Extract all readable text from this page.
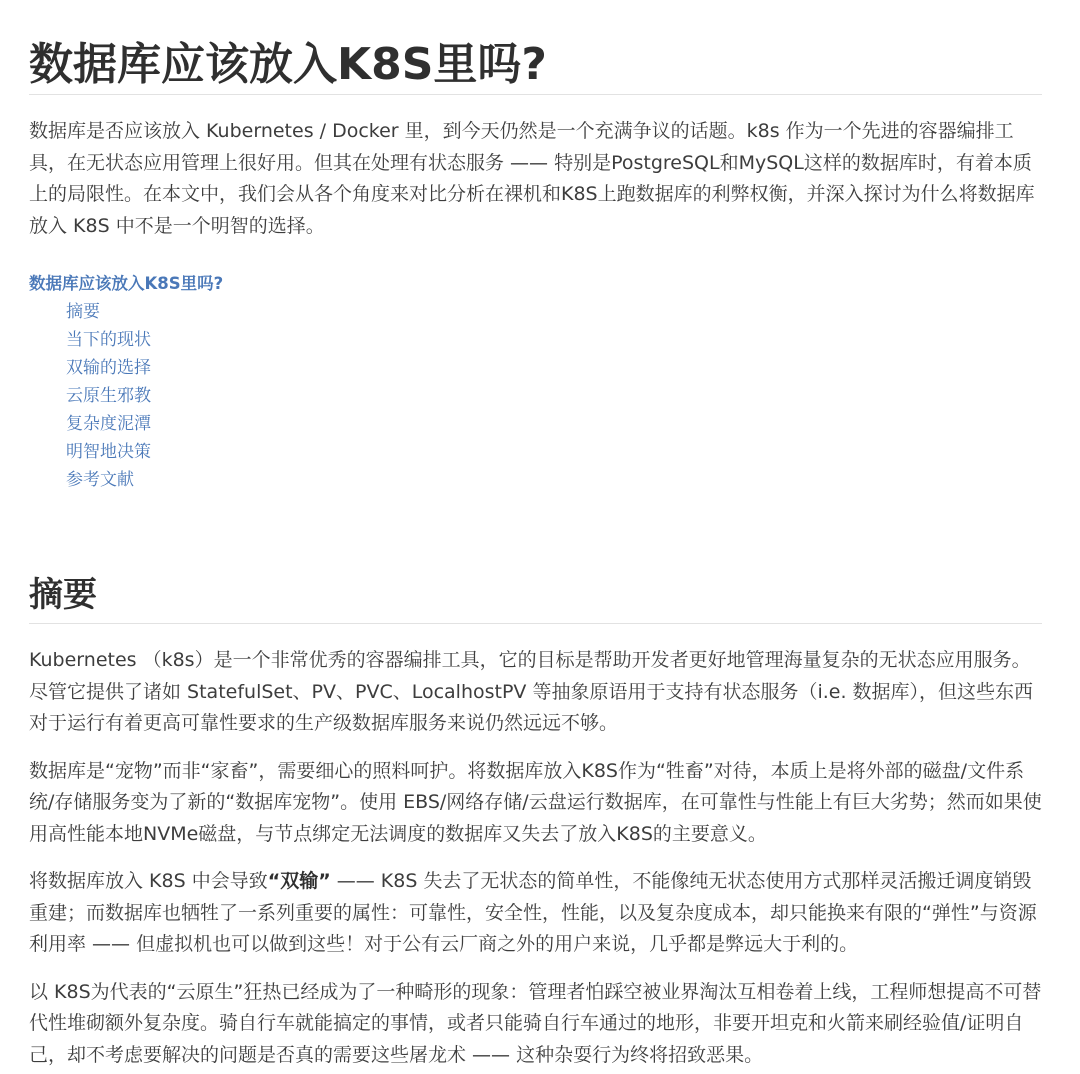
数据库应该放入K8S里吗?

数据库是否应该放入 Kubernetes / Docker 里，到今天仍然是一个充满争议的话题。k8s 作为一个先进的容器编排工具，在无状态应用管理上很好用。但其在处理有状态服务 —— 特别是PostgreSQL和MySQL这样的数据库时，有着本质上的局限性。在本文中，我们会从各个角度来对比分析在裸机和K8S上跑数据库的利弊权衡，并深入探讨为什么将数据库放入 K8S 中不是一个明智的选择。

数据库应该放入K8S里吗?
摘要
当下的现状
双输的选择
云原生邪教
复杂度泥潭
明智地决策
参考文献
摘要

Kubernetes （k8s）是一个非常优秀的容器编排工具，它的目标是帮助开发者更好地管理海量复杂的无状态应用服务。尽管它提供了诸如 StatefulSet、PV、PVC、LocalhostPV 等抽象原语用于支持有状态服务（i.e. 数据库），但这些东西对于运行有着更高可靠性要求的生产级数据库服务来说仍然远远不够。

数据库是“宠物”而非“家畜”，需要细心的照料呵护。将数据库放入K8S作为“牲畜”对待，本质上是将外部的磁盘/文件系统/存储服务变为了新的“数据库宠物”。使用 EBS/网络存储/云盘运行数据库，在可靠性与性能上有巨大劣势；然而如果使用高性能本地NVMe磁盘，与节点绑定无法调度的数据库又失去了放入K8S的主要意义。

将数据库放入 K8S 中会导致“双输” —— K8S 失去了无状态的简单性，不能像纯无状态使用方式那样灵活搬迁调度销毁重建；而数据库也牺牲了一系列重要的属性：可靠性，安全性，性能，以及复杂度成本，却只能换来有限的“弹性”与资源利用率 —— 但虚拟机也可以做到这些！对于公有云厂商之外的用户来说，几乎都是弊远大于利的。

以 K8S为代表的“云原生”狂热已经成为了一种畸形的现象：管理者怕踩空被业界淘汰互相卷着上线，工程师想提高不可替代性堆砌额外复杂度。骑自行车就能搞定的事情，或者只能骑自行车通过的地形，非要开坦克和火箭来刷经验值/证明自己，却不考虑要解决的问题是否真的需要这些屠龙术 —— 这种杂耍行为终将招致恶果。
